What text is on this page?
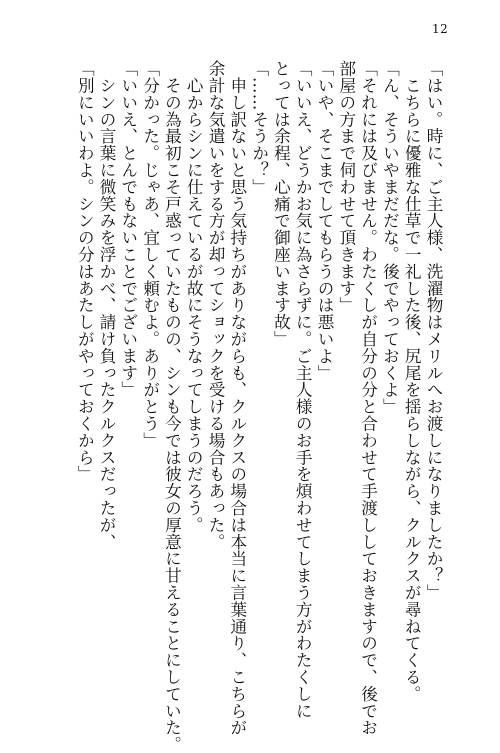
12
「はい。時に、ご主人様、洗濯物はメリルへお渡しになりましたか？」
　こちらに優雅な仕草で一礼した後、尻尾を揺らしながら、クルクスが尋ねてくる。
「ん、そういやまだだな。後でやっておくよ」
「それには及びません。わたくしが自分の分と合わせて手渡ししておきますので、後でお
部屋の方まで伺わせて頂きます」
「いや、そこまでしてもらうのは悪いよ」
「いいえ、どうかお気に為さらずに。ご主人様のお手を煩わせてしまう方がわたくしに
とっては余程、心痛で御座います故」
「……そうか？」
　申し訳ないと思う気持ちがありながらも、クルクスの場合は本当に言葉通り、こちらが
余計な気遣いをする方が却ってショックを受ける場合もあった。
　心からシンに仕えているが故にそうなってしまうのだろう。
　その為最初こそ戸惑っていたものの、シンも今では彼女の厚意に甘えることにしていた。
「分かった。じゃあ、宜しく頼むよ。ありがとう」
「いいえ、とんでもないことでございます」
　シンの言葉に微笑みを浮かべ、請け負ったクルクスだったが、
「別にいいわよ。シンの分はあたしがやっておくから」
